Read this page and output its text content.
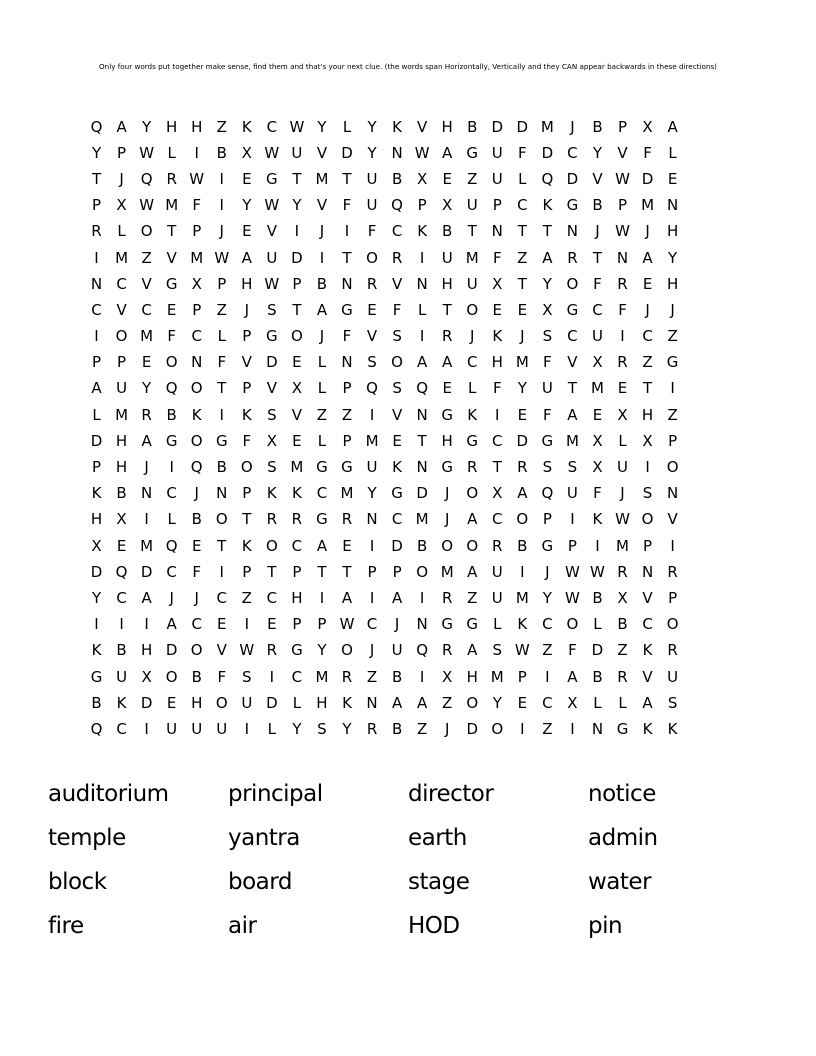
Only four words put together make sense, find them and that's your next clue. (the words span Horizontally, Vertically and they CAN appear backwards in these directions)
Q A	Y H H Z K C W Y	L	Y	K	V H B D D M	J	B	P	X A
Y	P W L	I	B X W U V D Y N W A G U	F D C	Y	V	F	L
T	J	Q R W	I	E G T M T U B X	E	Z U	L Q D V W D E
P	X W M F	I	Y W Y	V	F	U Q P	X U	P	C K G B	P M N
R	L O T	P	J	E	V	I	J	I	F	C K B	T N T	T N	J	W	J	H
I	M Z V M W A U D	I	T O R	I	U M F	Z A R	T N A	Y
N C V G X	P H W P	B N R V N H U X	T	Y O F	R	E H
C V C	E	P	Z	J	S	T	A G E	F	L	T O E	E	X G C	F	J	J
I	O M F	C	L	P G O	J	F	V	S	I	R	J	K	J	S	C U	I	C Z
P	P	E O N	F	V D E	L	N S O A A C H M F	V X R Z G
A U Y Q O T	P	V X	L	P Q S Q E	L	F	Y U T M E	T	I
L M R B K	I	K	S	V Z Z	I	V N G K	I	E	F	A	E	X H Z
D H A G O G F	X	E	L	P M E	T H G C D G M X	L	X	P
P H	J	I	Q B O S M G G U K N G R	T	R	S	S	X U	I	O
K B N C	J	N P	K	K C M Y G D	J	O X A Q U	F	J	S N
H X	I	L	B O T	R R G R N C M	J	A C O P	I	K W O V
X	E M Q E	T	K O C A	E	I	D B O O R B G P	I	M P	I
D Q D C	F	I	P	T	P	T	T	P	P O M A U	I	J	W W R N R
Y	C A	J	J	C Z C H	I	A	I	A	I	R Z U M Y W B X V	P
I	I	I	A C	E	I	E	P	P W C	J	N G G	L	K C O L	B C O
K B H D O V W R G Y O	J	U Q R A	S W Z	F D Z K R
G U X O B	F	S	I	C M R Z B	I	X H M P	I	A B R V U
B K D E H O U D	L	H K N A A Z O Y	E	C X	L	L	A	S
Q C	I	U U U	I	L	Y	S	Y	R B Z	J	D O	I	Z	I	N G K	K
auditorium	principal	director	notice
temple	yantra	earth	admin
block	board	stage	water
fire	air	HOD	pin
